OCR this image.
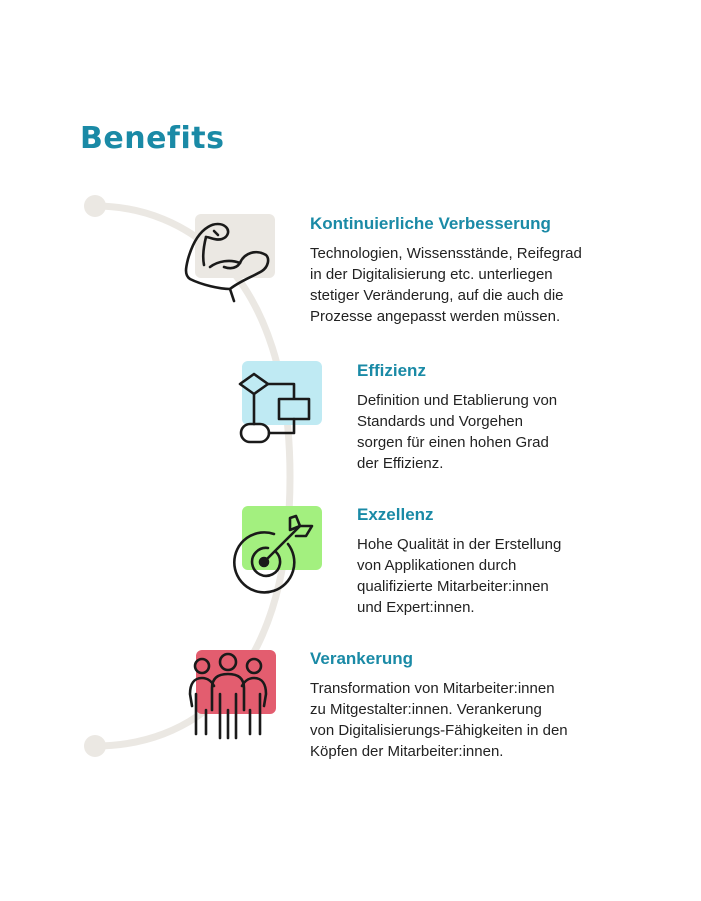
Benefits
Kontinuierliche Verbesserung

Technologien, Wissensstände, Reifegrad
in der Digitalisierung etc. unterliegen
stetiger Veränderung, auf die auch die
Prozesse angepasst werden müssen.

Effizienz

Definition und Etablierung von
Standards und Vorgehen
sorgen für einen hohen Grad
der Effizienz.

Exzellenz

Hohe Qualität in der Erstellung
von Applikationen durch
qualifizierte Mitarbeiter:innen
und Expert:innen.

Verankerung

Transformation von Mitarbeiter:innen
zu Mitgestalter:innen. Verankerung
von Digitalisierungs-Fähigkeiten in den
Köpfen der Mitarbeiter:innen.
